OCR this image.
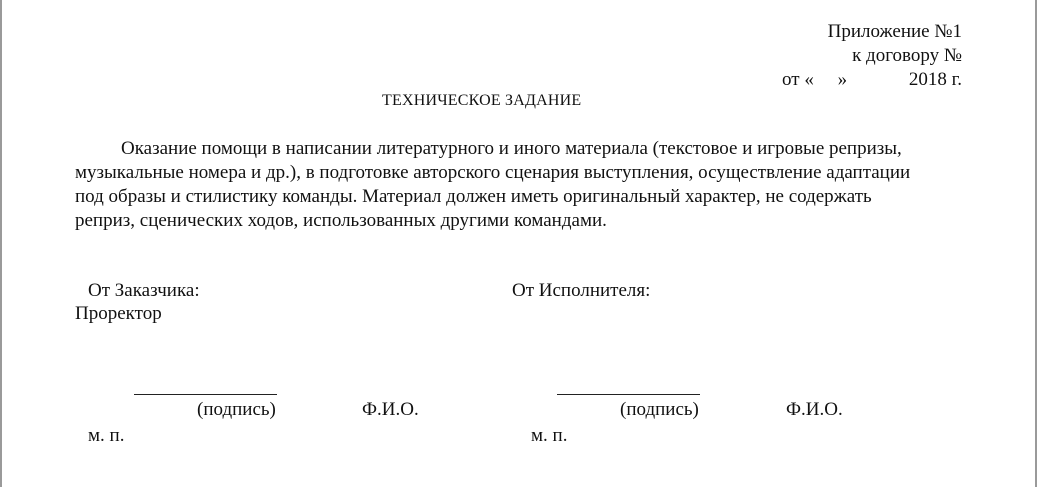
Приложение №1
к договору №
от «     »             2018 г.
ТЕХНИЧЕСКОЕ ЗАДАНИЕ
Оказание помощи в написании литературного и иного материала (текстовое и игровые репризы, музыкальные номера и др.), в подготовке авторского сценария выступления, осуществление адаптации под образы и стилистику команды. Материал должен иметь оригинальный характер, не содержать реприз, сценических ходов, использованных другими командами.
От Заказчика:
Проректор
(подпись)	Ф.И.О.
м. п.
От Исполнителя:
(подпись)	Ф.И.О.
м. п.
